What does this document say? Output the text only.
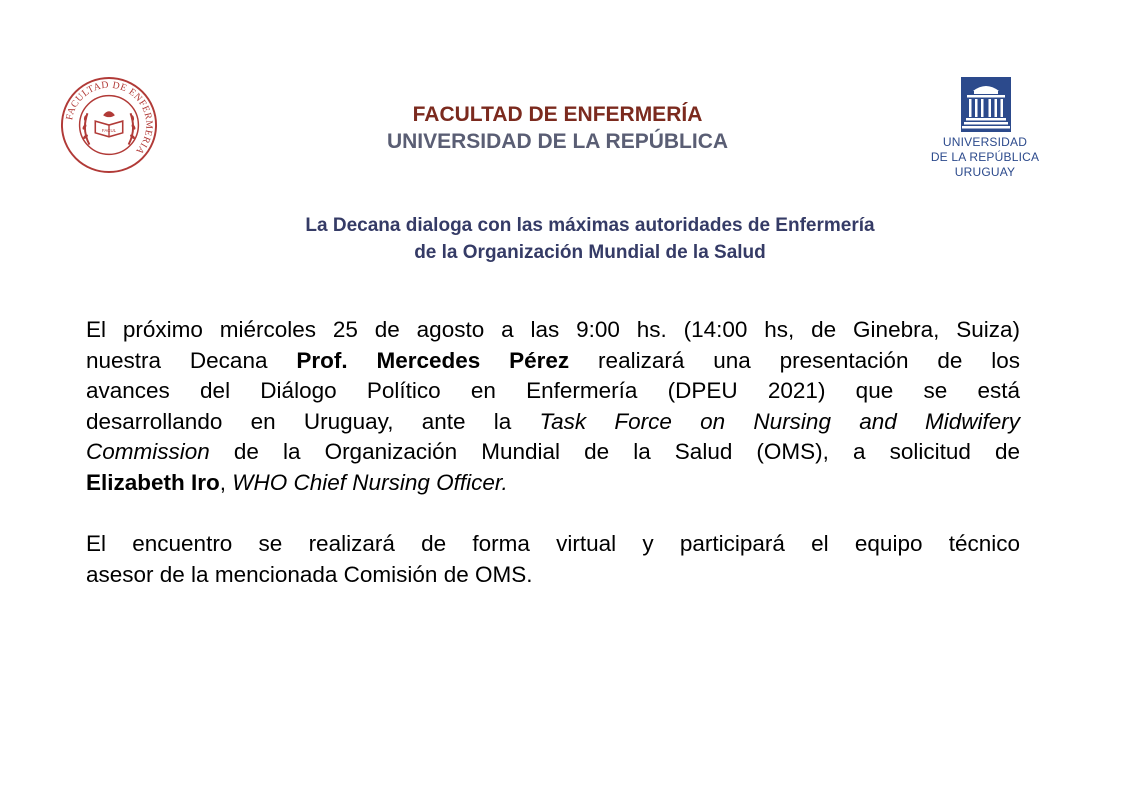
FACULTAD DE ENFERMERIA
FACUL
FACULTAD DE ENFERMERÍA
UNIVERSIDAD DE LA REPÚBLICA	UNIVERSIDAD
DE LA REPÚBLICA
URUGUAY
La Decana dialoga con las máximas autoridades de Enfermería
de la Organización Mundial de la Salud

El próximo miércoles 25 de agosto a las 9:00 hs. (14:00 hs, de Ginebra, Suiza)
nuestra Decana Prof. Mercedes Pérez realizará una presentación de los
avances del Diálogo Político en Enfermería (DPEU 2021) que se está
desarrollando en Uruguay, ante la Task Force on Nursing and Midwifery
Commission de la Organización Mundial de la Salud (OMS), a solicitud de
Elizabeth Iro, WHO Chief Nursing Officer.

El encuentro se realizará de forma virtual y participará el equipo técnico
asesor de la mencionada Comisión de OMS.
